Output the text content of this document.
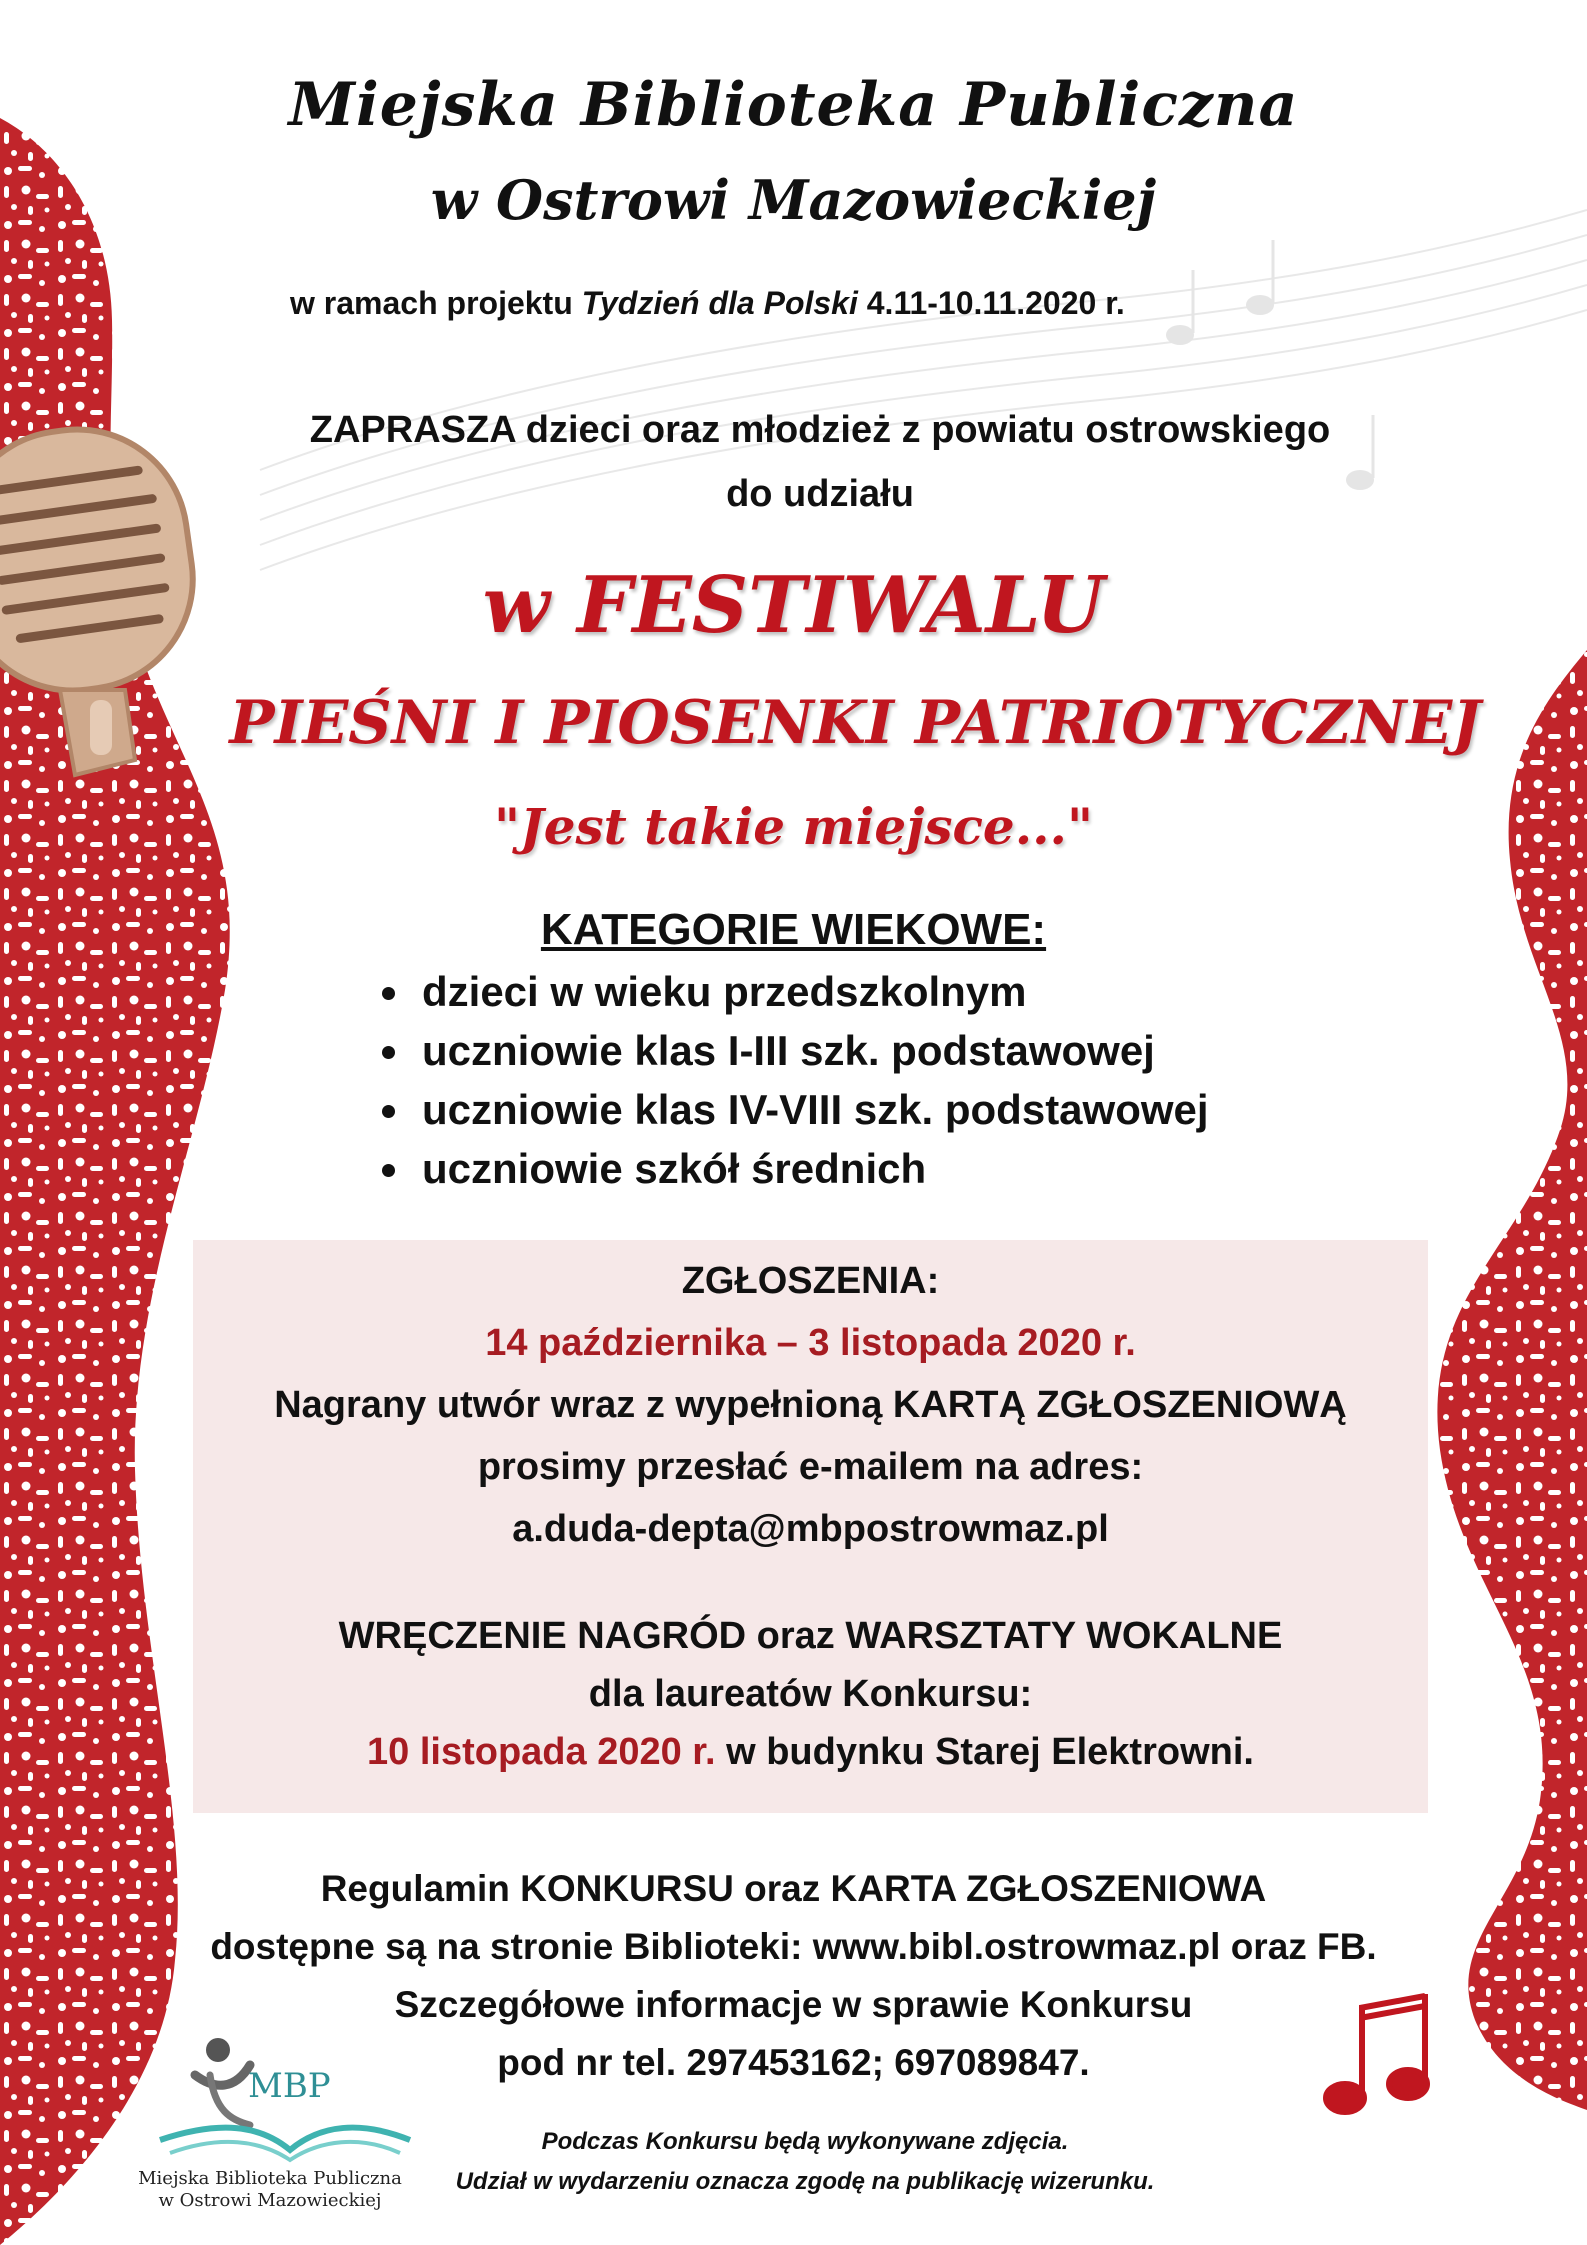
MBP
Miejska Biblioteka Publiczna
w Ostrowi Mazowieckiej
w ramach projektu Tydzień dla Polski 4.11-10.11.2020 r.
ZAPRASZA dzieci oraz młodzież z powiatu ostrowskiego
do udziału
w FESTIWALU
PIEŚNI I PIOSENKI PATRIOTYCZNEJ
"Jest takie miejsce..."
KATEGORIE WIEKOWE:
dzieci w wieku przedszkolnym
uczniowie klas I-III szk. podstawowej
uczniowie klas IV-VIII szk. podstawowej
uczniowie szkół średnich
ZGŁOSZENIA:
14 października – 3 listopada 2020 r.
Nagrany utwór wraz z wypełnioną KARTĄ ZGŁOSZENIOWĄ
prosimy przesłać e-mailem na adres:
a.duda-depta@mbpostrowmaz.pl
WRĘCZENIE NAGRÓD oraz WARSZTATY WOKALNE
dla laureatów Konkursu:
10 listopada 2020 r. w budynku Starej Elektrowni.
Regulamin KONKURSU oraz KARTA ZGŁOSZENIOWA
dostępne są na stronie Biblioteki: www.bibl.ostrowmaz.pl oraz FB.
Szczegółowe informacje w sprawie Konkursu
pod nr tel. 297453162; 697089847.
Podczas Konkursu będą wykonywane zdjęcia.
Udział w wydarzeniu oznacza zgodę na publikację wizerunku.
Miejska Biblioteka Publiczna
w Ostrowi Mazowieckiej
